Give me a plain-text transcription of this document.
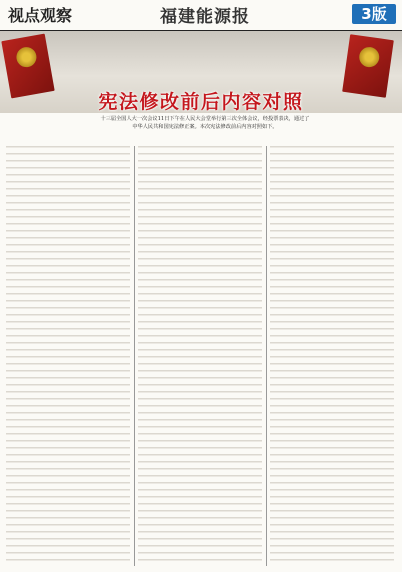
视点观察	福建能源报	3版
宪法修改前后内容对照
十三届全国人大一次会议11日下午在人民大会堂举行第三次全体会议，经投票表决，通过了中华人民共和国宪法修正案。本次宪法修改前后内容对照如下。
